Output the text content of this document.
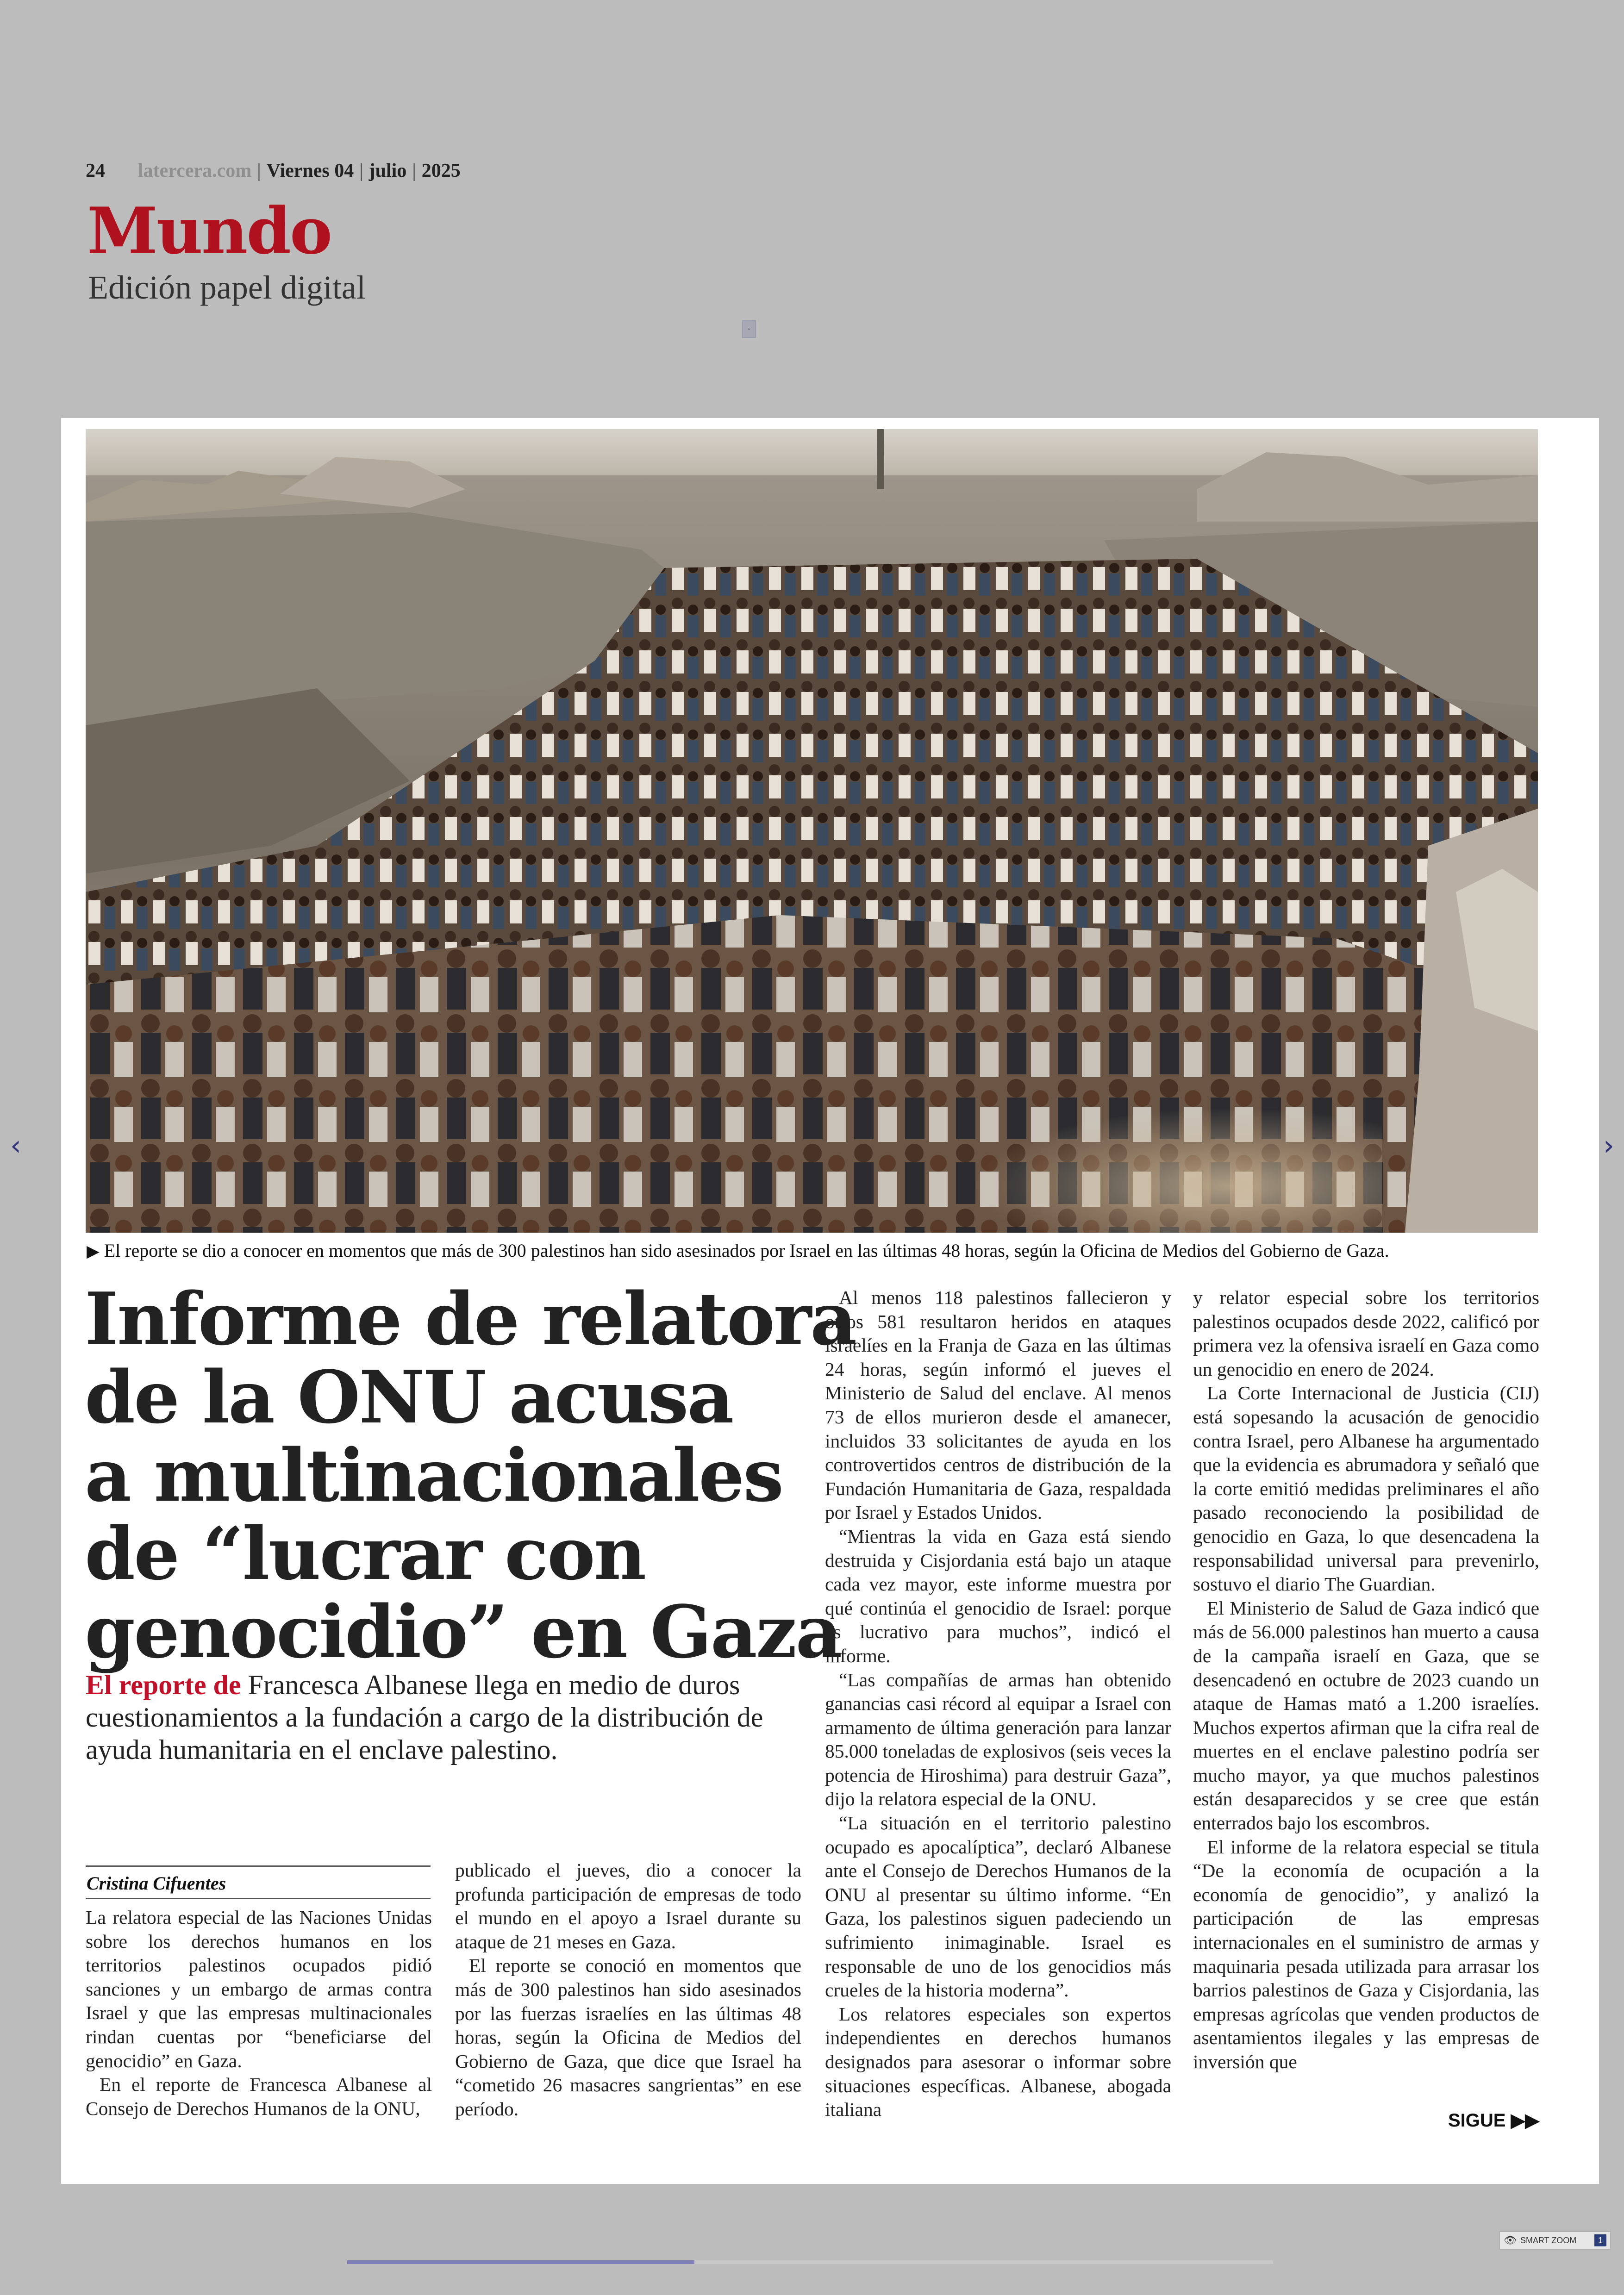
24 latercera.com | Viernes 04 | julio | 2025
Mundo
Edición papel digital
▫
▶ El reporte se dio a conocer en momentos que más de 300 palestinos han sido asesinados por Israel en las últimas 48 horas, según la Oficina de Medios del Gobierno de Gaza.
Informe de relatora
de la ONU acusa
a multinacionales
de “lucrar con
genocidio” en Gaza
El reporte de Francesca Albanese llega en medio de duros cuestionamientos a la fundación a cargo de la distribución de ayuda humanitaria en el enclave palestino.
Cristina Cifuentes

La relatora especial de las Naciones Unidas sobre los derechos humanos en los territorios palestinos ocupados pidió sanciones y un embargo de armas contra Israel y que las empresas multinacionales rindan cuentas por “beneficiarse del genocidio” en Gaza.

En el reporte de Francesca Albanese al Consejo de Derechos Humanos de la ONU,

publicado el jueves, dio a conocer la profunda participación de empresas de todo el mundo en el apoyo a Israel durante su ataque de 21 meses en Gaza.

El reporte se conoció en momentos que más de 300 palestinos han sido asesinados por las fuerzas israelíes en las últimas 48 horas, según la Oficina de Medios del Gobierno de Gaza, que dice que Israel ha “cometido 26 masacres sangrientas” en ese período.

Al menos 118 palestinos fallecieron y otros 581 resultaron heridos en ataques israelíes en la Franja de Gaza en las últimas 24 horas, según informó el jueves el Ministerio de Salud del enclave. Al menos 73 de ellos murieron desde el amanecer, incluidos 33 solicitantes de ayuda en los controvertidos centros de distribución de la Fundación Humanitaria de Gaza, respaldada por Israel y Estados Unidos.

“Mientras la vida en Gaza está siendo destruida y Cisjordania está bajo un ataque cada vez mayor, este informe muestra por qué continúa el genocidio de Israel: porque es lucrativo para muchos”, indicó el informe.

“Las compañías de armas han obtenido ganancias casi récord al equipar a Israel con armamento de última generación para lanzar 85.000 toneladas de explosivos (seis veces la potencia de Hiroshima) para destruir Gaza”, dijo la relatora especial de la ONU.

“La situación en el territorio palestino ocupado es apocalíptica”, declaró Albanese ante el Consejo de Derechos Humanos de la ONU al presentar su último informe. “En Gaza, los palestinos siguen padeciendo un sufrimiento inimaginable. Israel es responsable de uno de los genocidios más crueles de la historia moderna”.

Los relatores especiales son expertos independientes en derechos humanos designados para asesorar o informar sobre situaciones específicas. Albanese, abogada italiana

y relator especial sobre los territorios palestinos ocupados desde 2022, calificó por primera vez la ofensiva israelí en Gaza como un genocidio en enero de 2024.

La Corte Internacional de Justicia (CIJ) está sopesando la acusación de genocidio contra Israel, pero Albanese ha argumentado que la evidencia es abrumadora y señaló que la corte emitió medidas preliminares el año pasado reconociendo la posibilidad de genocidio en Gaza, lo que desencadena la responsabilidad universal para prevenirlo, sostuvo el diario The Guardian.

El Ministerio de Salud de Gaza indicó que más de 56.000 palestinos han muerto a causa de la campaña israelí en Gaza, que se desencadenó en octubre de 2023 cuando un ataque de Hamas mató a 1.200 israelíes. Muchos expertos afirman que la cifra real de muertes en el enclave palestino podría ser mucho mayor, ya que muchos palestinos están desaparecidos y se cree que están enterrados bajo los escombros.

El informe de la relatora especial se titula “De la economía de ocupación a la economía de genocidio”, y analizó la participación de las empresas internacionales en el suministro de armas y maquinaria pesada utilizada para arrasar los barrios palestinos de Gaza y Cisjordania, las empresas agrícolas que venden productos de asentamientos ilegales y las empresas de inversión que

SIGUE ▶▶
‹	›
👁 SMART ZOOM	1
